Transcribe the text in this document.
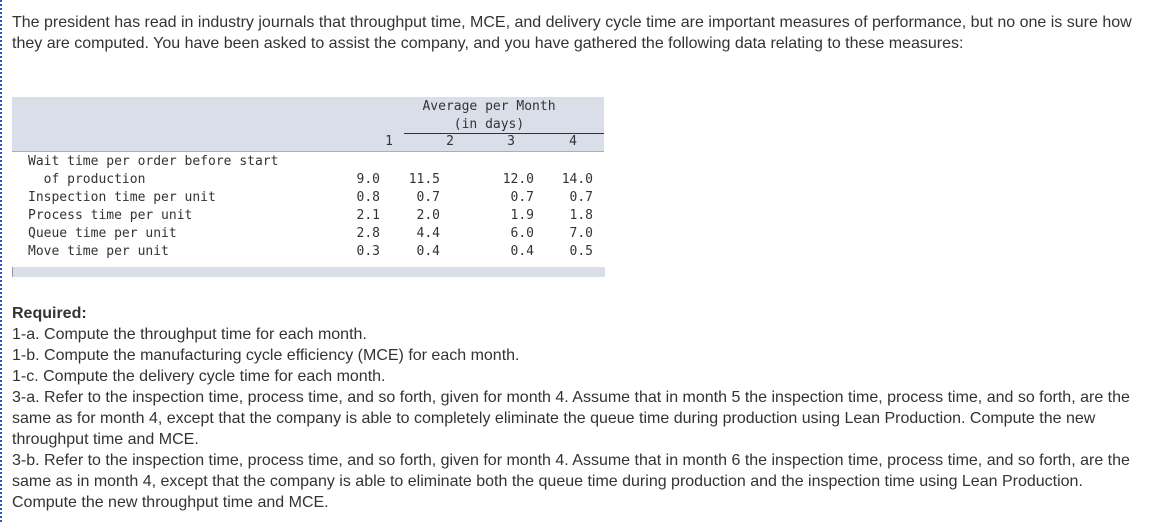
The president has read in industry journals that throughput time, MCE, and delivery cycle time are important measures of performance, but no one is sure how they are computed. You have been asked to assist the company, and you have gathered the following data relating to these measures:

Average per Month
(in days)
1	2	3	4
Wait time per order before start
of production	9.0	11.5	12.0	14.0
Inspection time per unit	0.8	0.7	0.7	0.7
Process time per unit	2.1	2.0	1.9	1.8
Queue time per unit	2.8	4.4	6.0	7.0
Move time per unit	0.3	0.4	0.4	0.5

Required:

1-a. Compute the throughput time for each month.

1-b. Compute the manufacturing cycle efficiency (MCE) for each month.

1-c. Compute the delivery cycle time for each month.

3-a. Refer to the inspection time, process time, and so forth, given for month 4. Assume that in month 5 the inspection time, process time, and so forth, are the same as for month 4, except that the company is able to completely eliminate the queue time during production using Lean Production. Compute the new throughput time and MCE.

3-b. Refer to the inspection time, process time, and so forth, given for month 4. Assume that in month 6 the inspection time, process time, and so forth, are the same as in month 4, except that the company is able to eliminate both the queue time during production and the inspection time using Lean Production. Compute the new throughput time and MCE.
